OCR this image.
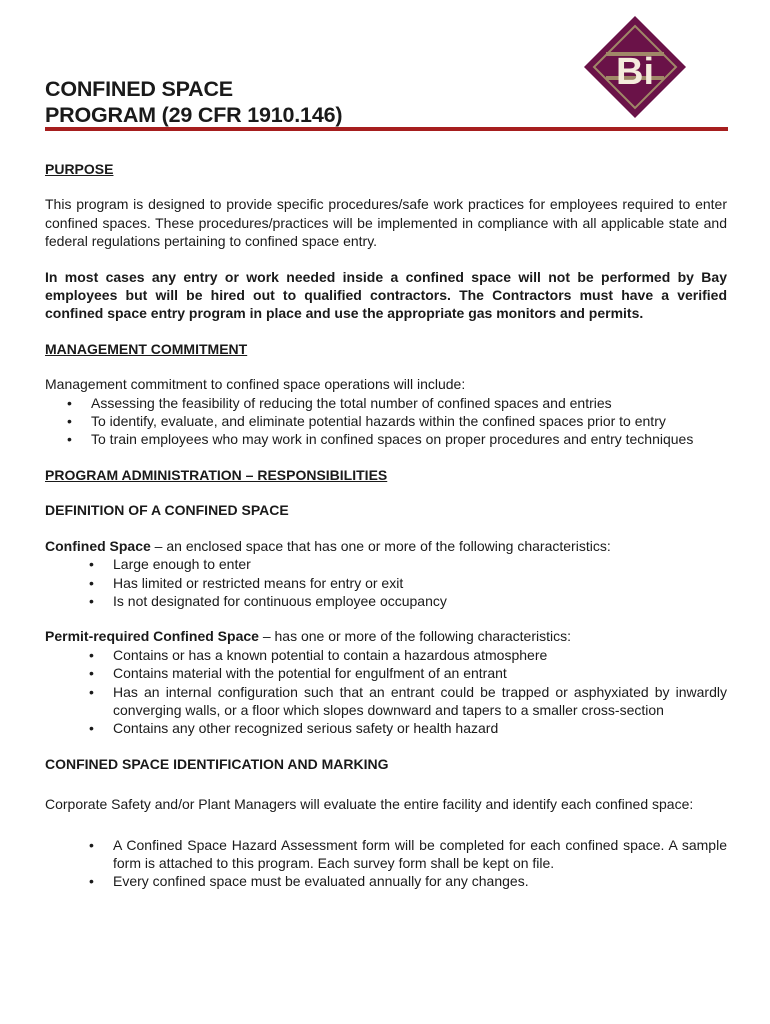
Bi
CONFINED SPACE
PROGRAM (29 CFR 1910.146)

PURPOSE

This program is designed to provide specific procedures/safe work practices for employees required to enter confined spaces. These procedures/practices will be implemented in compliance with all applicable state and federal regulations pertaining to confined space entry.

In most cases any entry or work needed inside a confined space will not be performed by Bay employees but will be hired out to qualified contractors. The Contractors must have a verified confined space entry program in place and use the appropriate gas monitors and permits.

MANAGEMENT COMMITMENT

Management commitment to confined space operations will include:

• Assessing the feasibility of reducing the total number of confined spaces and entries
• To identify, evaluate, and eliminate potential hazards within the confined spaces prior to entry
• To train employees who may work in confined spaces on proper procedures and entry techniques

PROGRAM ADMINISTRATION – RESPONSIBILITIES

DEFINITION OF A CONFINED SPACE

Confined Space – an enclosed space that has one or more of the following characteristics:

• Large enough to enter
• Has limited or restricted means for entry or exit
• Is not designated for continuous employee occupancy

Permit-required Confined Space – has one or more of the following characteristics:

• Contains or has a known potential to contain a hazardous atmosphere
• Contains material with the potential for engulfment of an entrant
• Has an internal configuration such that an entrant could be trapped or asphyxiated by inwardly converging walls, or a floor which slopes downward and tapers to a smaller cross-section
• Contains any other recognized serious safety or health hazard

CONFINED SPACE IDENTIFICATION AND MARKING

Corporate Safety and/or Plant Managers will evaluate the entire facility and identify each confined space:

• A Confined Space Hazard Assessment form will be completed for each confined space. A sample form is attached to this program. Each survey form shall be kept on file.
• Every confined space must be evaluated annually for any changes.
